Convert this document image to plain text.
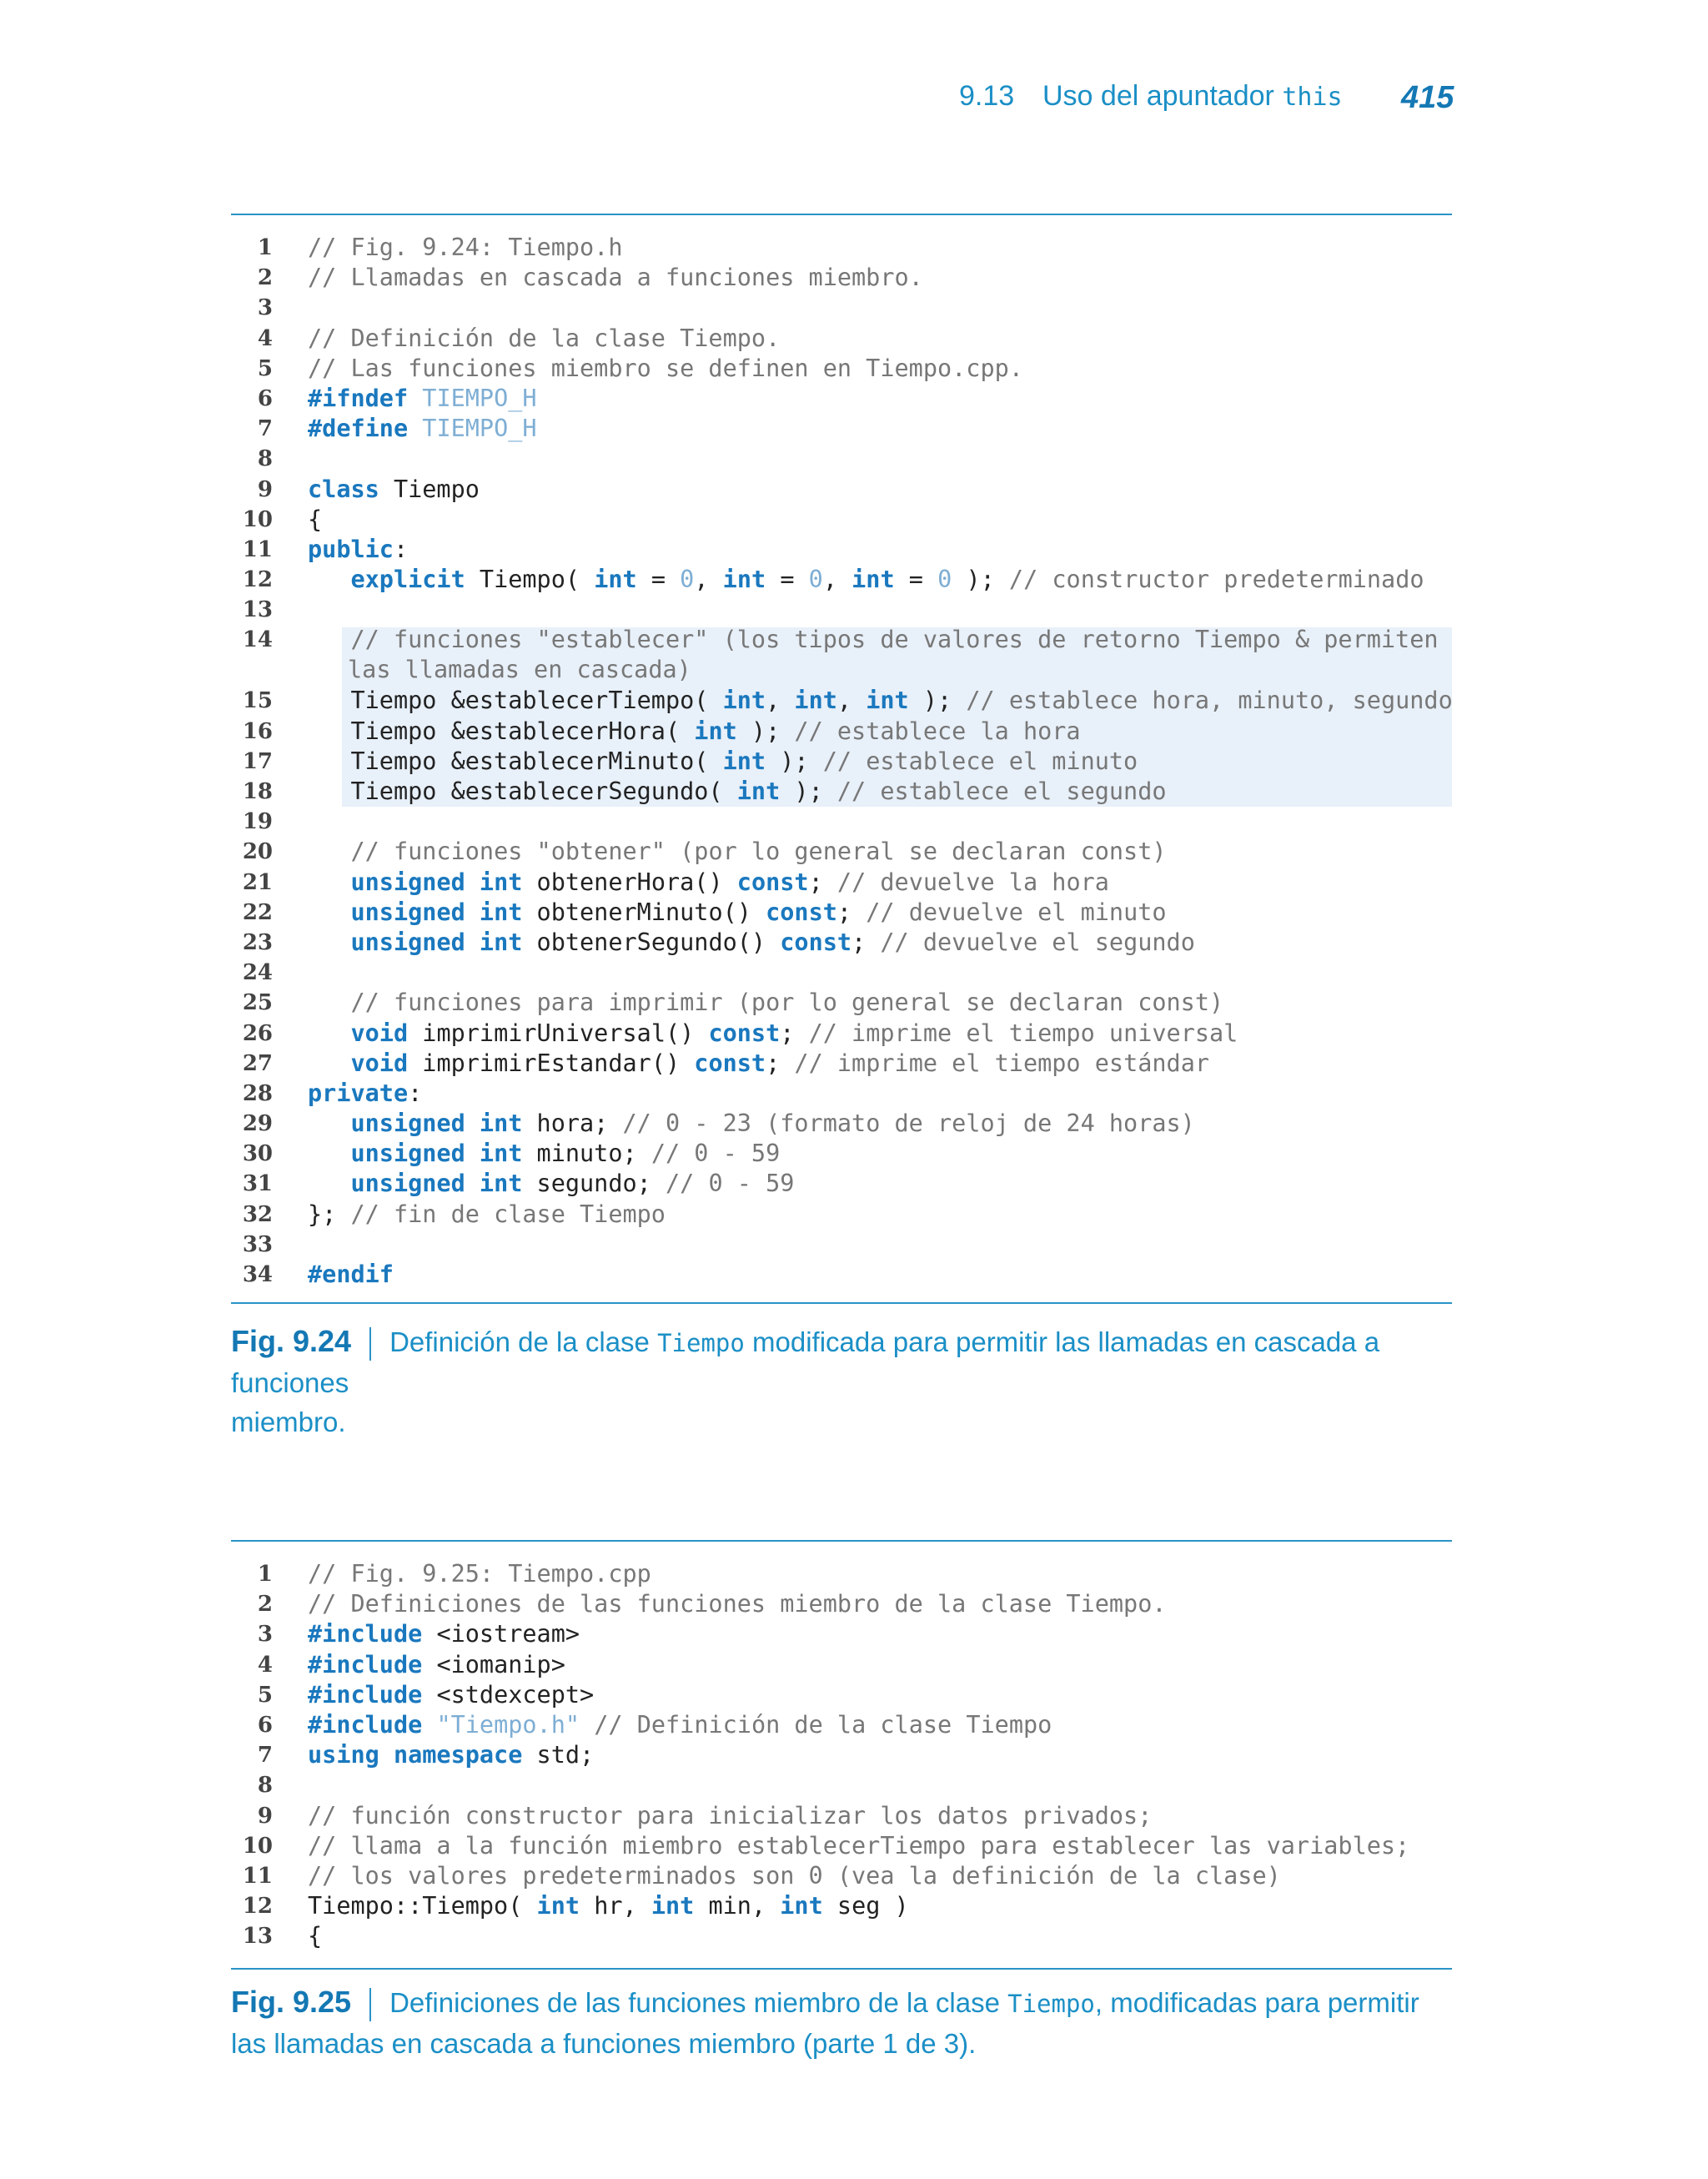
9.13 Uso del apuntador this 415
1 // Fig. 9.24: Tiempo.h
2 // Llamadas en cascada a funciones miembro.
3
4 // Definición de la clase Tiempo.
5 // Las funciones miembro se definen en Tiempo.cpp.
6 #ifndef TIEMPO_H
7 #define TIEMPO_H
8
9 class Tiempo
10 {
11 public:
12	explicit Tiempo( int = 0, int = 0, int = 0 ); // constructor predeterminado
13
14	// funciones "establecer" (los tipos de valores de retorno Tiempo & permiten
las llamadas en cascada)
15 Tiempo &establecerTiempo( int, int, int ); // establece hora, minuto, segundo
16 Tiempo &establecerHora( int ); // establece la hora
17 Tiempo &establecerMinuto( int ); // establece el minuto
18 Tiempo &establecerSegundo( int ); // establece el segundo
19
20	// funciones "obtener" (por lo general se declaran const)
21	unsigned int obtenerHora() const; // devuelve la hora
22	unsigned int obtenerMinuto() const; // devuelve el minuto
23	unsigned int obtenerSegundo() const; // devuelve el segundo
24
25	// funciones para imprimir (por lo general se declaran const)
26	void imprimirUniversal() const; // imprime el tiempo universal
27	void imprimirEstandar() const; // imprime el tiempo estándar
28 private:
29	unsigned int hora; // 0 - 23 (formato de reloj de 24 horas)
30	unsigned int minuto; // 0 - 59
31	unsigned int segundo; // 0 - 59
32 }; // fin de clase Tiempo
33
34 #endif
Fig. 9.24 Definición de la clase Tiempo modificada para permitir las llamadas en cascada a funciones
miembro.
1 // Fig. 9.25: Tiempo.cpp
2 // Definiciones de las funciones miembro de la clase Tiempo.
3 #include <iostream>
4 #include <iomanip>
5 #include <stdexcept>
6 #include "Tiempo.h" // Definición de la clase Tiempo
7 using namespace std;
8
9 // función constructor para inicializar los datos privados;
10 // llama a la función miembro establecerTiempo para establecer las variables;
11 // los valores predeterminados son 0 (vea la definición de la clase)
12 Tiempo::Tiempo( int hr, int min, int seg )
13 {
Fig. 9.25 Definiciones de las funciones miembro de la clase Tiempo, modificadas para permitir
las llamadas en cascada a funciones miembro (parte 1 de 3).
